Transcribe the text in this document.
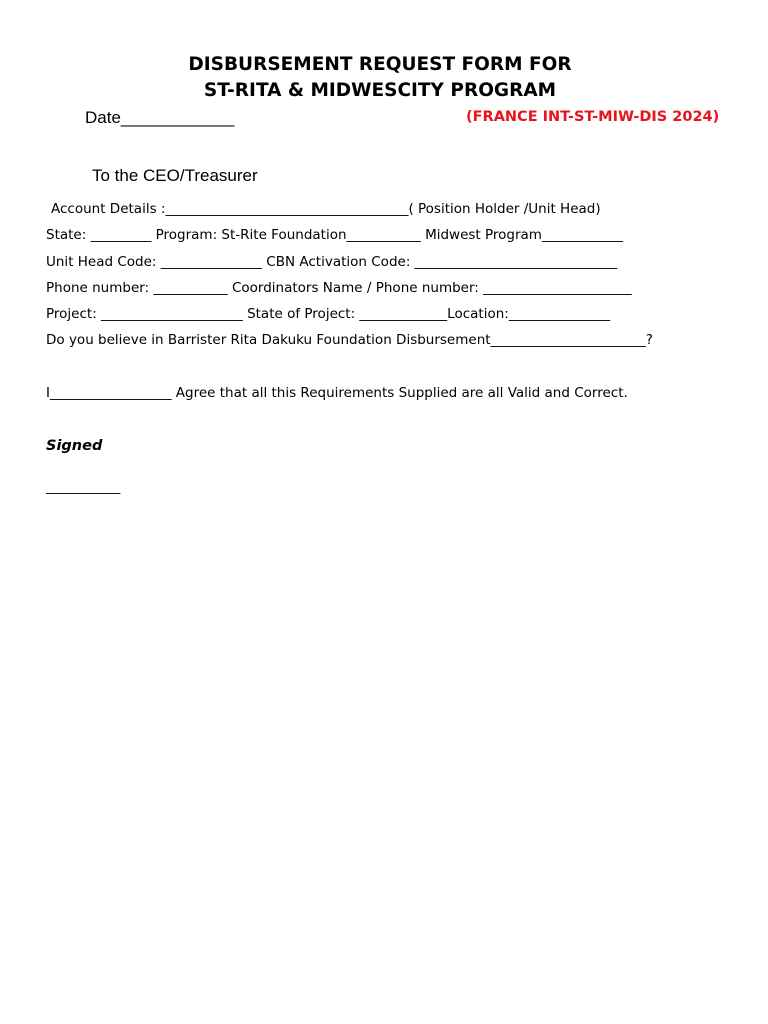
DISBURSEMENT REQUEST FORM FOR
ST-RITA & MIDWESCITY PROGRAM
Date____________	(FRANCE INT-ST-MIW-DIS 2024)
To the CEO/Treasurer
Account Details :____________________________________( Position Holder /Unit Head)
State: _________ Program: St-Rite Foundation___________ Midwest Program____________
Unit Head Code: _______________ CBN Activation Code: ______________________________
Phone number: ___________ Coordinators Name / Phone number: ______________________
Project: _____________________ State of Project: _____________Location:_______________
Do you believe in Barrister Rita Dakuku Foundation Disbursement_______________________?
I__________________ Agree that all this Requirements Supplied are all Valid and Correct.
Signed
___________
